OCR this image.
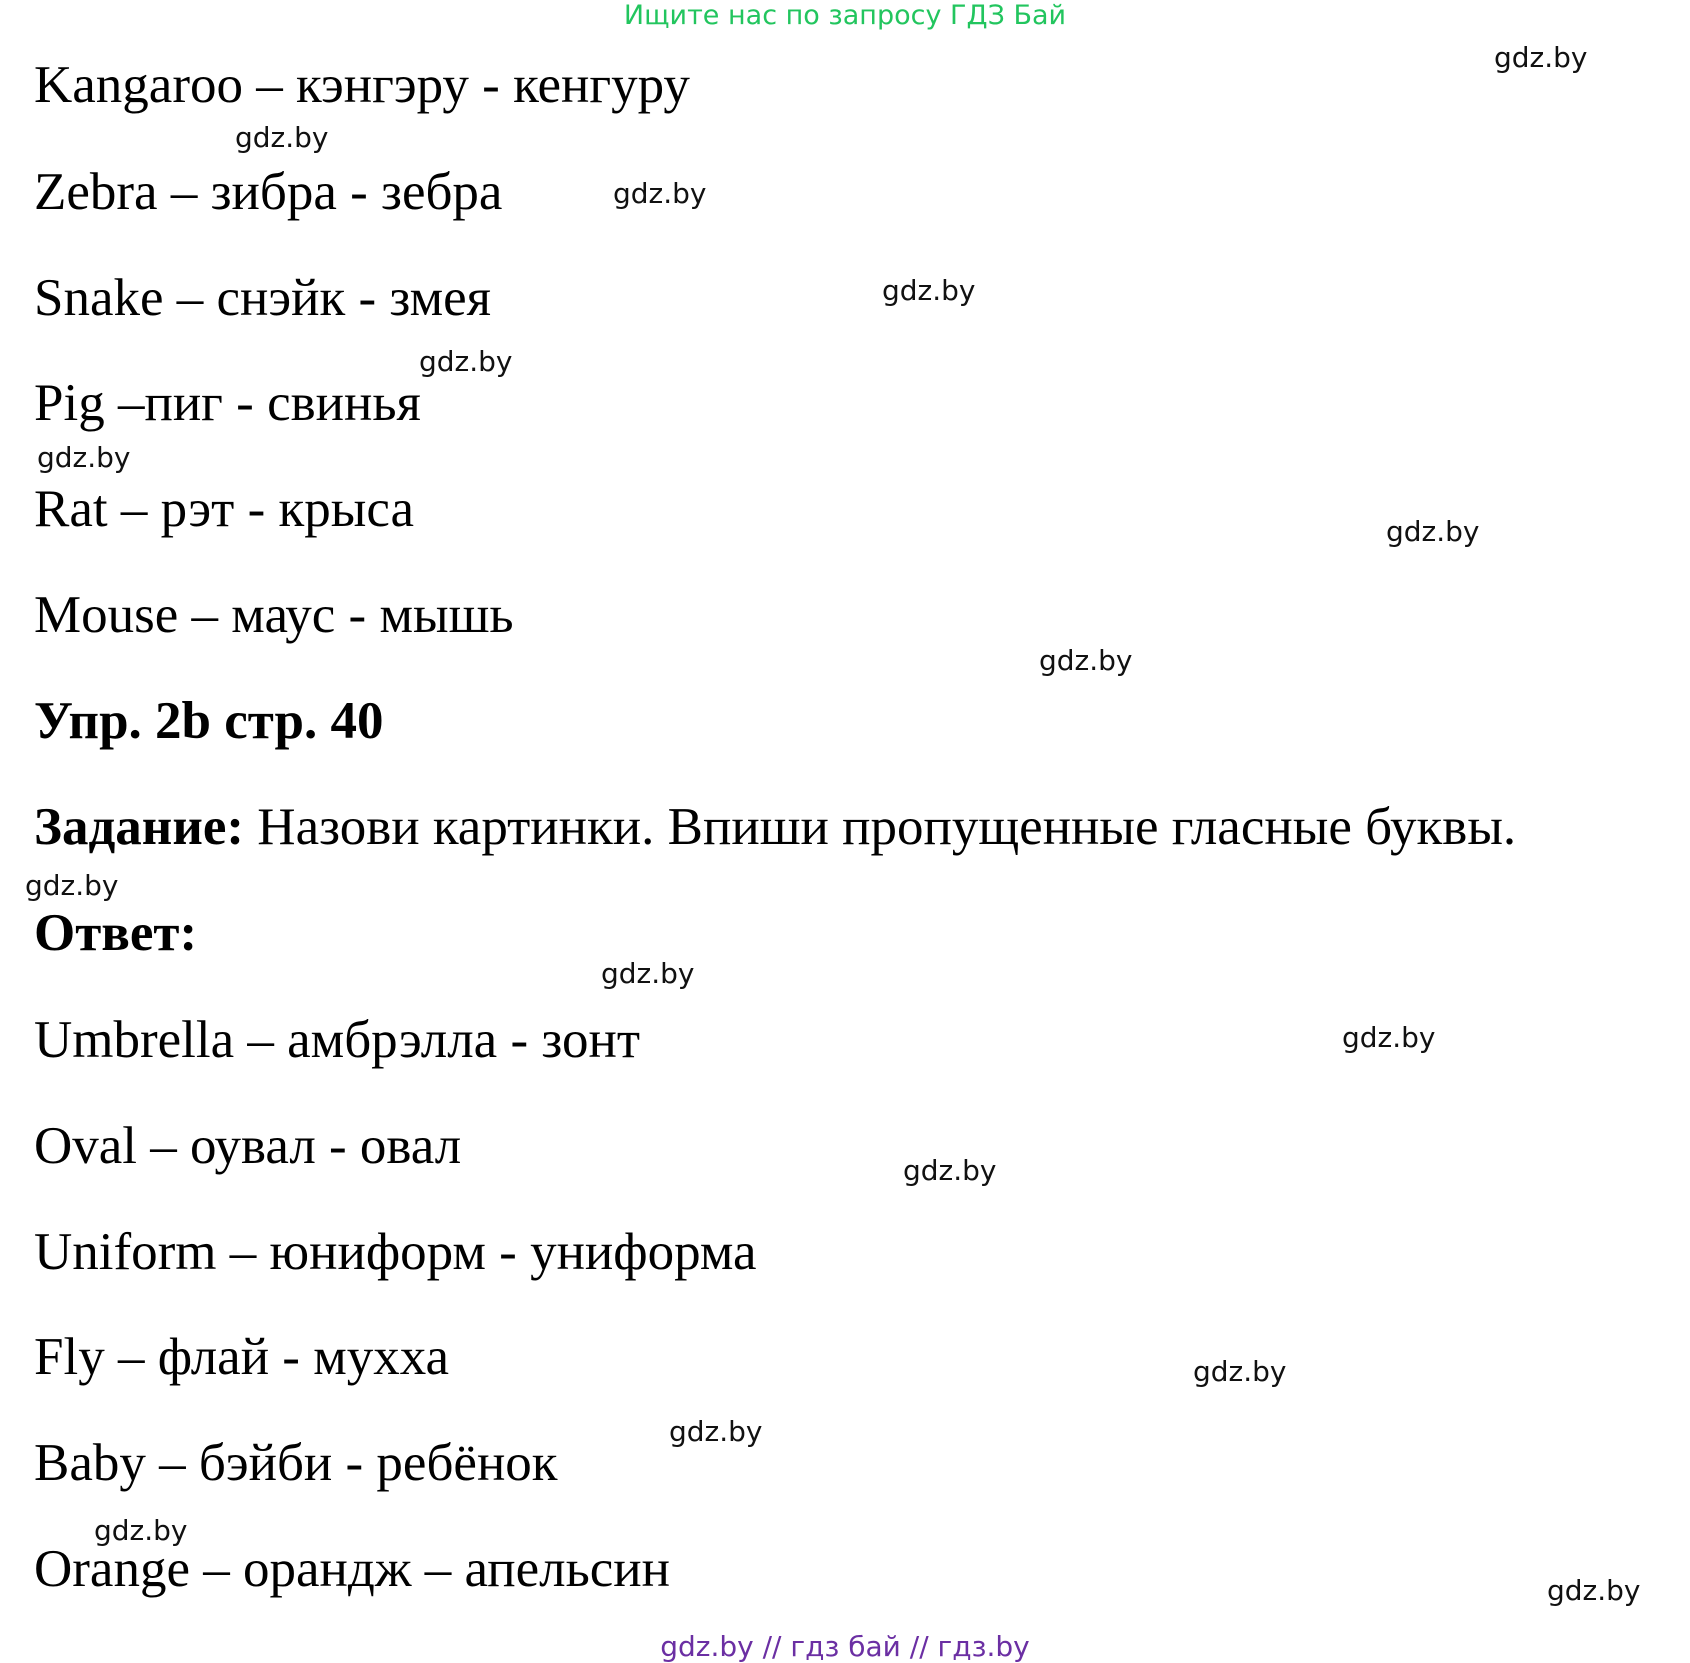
Ищите нас по запросу ГДЗ Бай
Kangaroo – кэнгэру - кенгуру
Zebra – зибра - зебра
Snake – снэйк - змея
Pig –пиг - свинья
Rat – рэт - крыса
Mouse – маус - мышь
Упр. 2b стр. 40
Задание: Назови картинки. Впиши пропущенные гласные буквы.
Ответ:
Umbrella – амбрэлла - зонт
Oval – оувал - овал
Uniform – юниформ - униформа
Fly – флай - мухха
Baby – бэйби - ребёнок
Orange – орандж – апельсин
gdz.by
gdz.by
gdz.by
gdz.by
gdz.by
gdz.by
gdz.by
gdz.by
gdz.by
gdz.by
gdz.by
gdz.by
gdz.by
gdz.by
gdz.by
gdz.by
gdz.by // гдз бай // гдз.by
